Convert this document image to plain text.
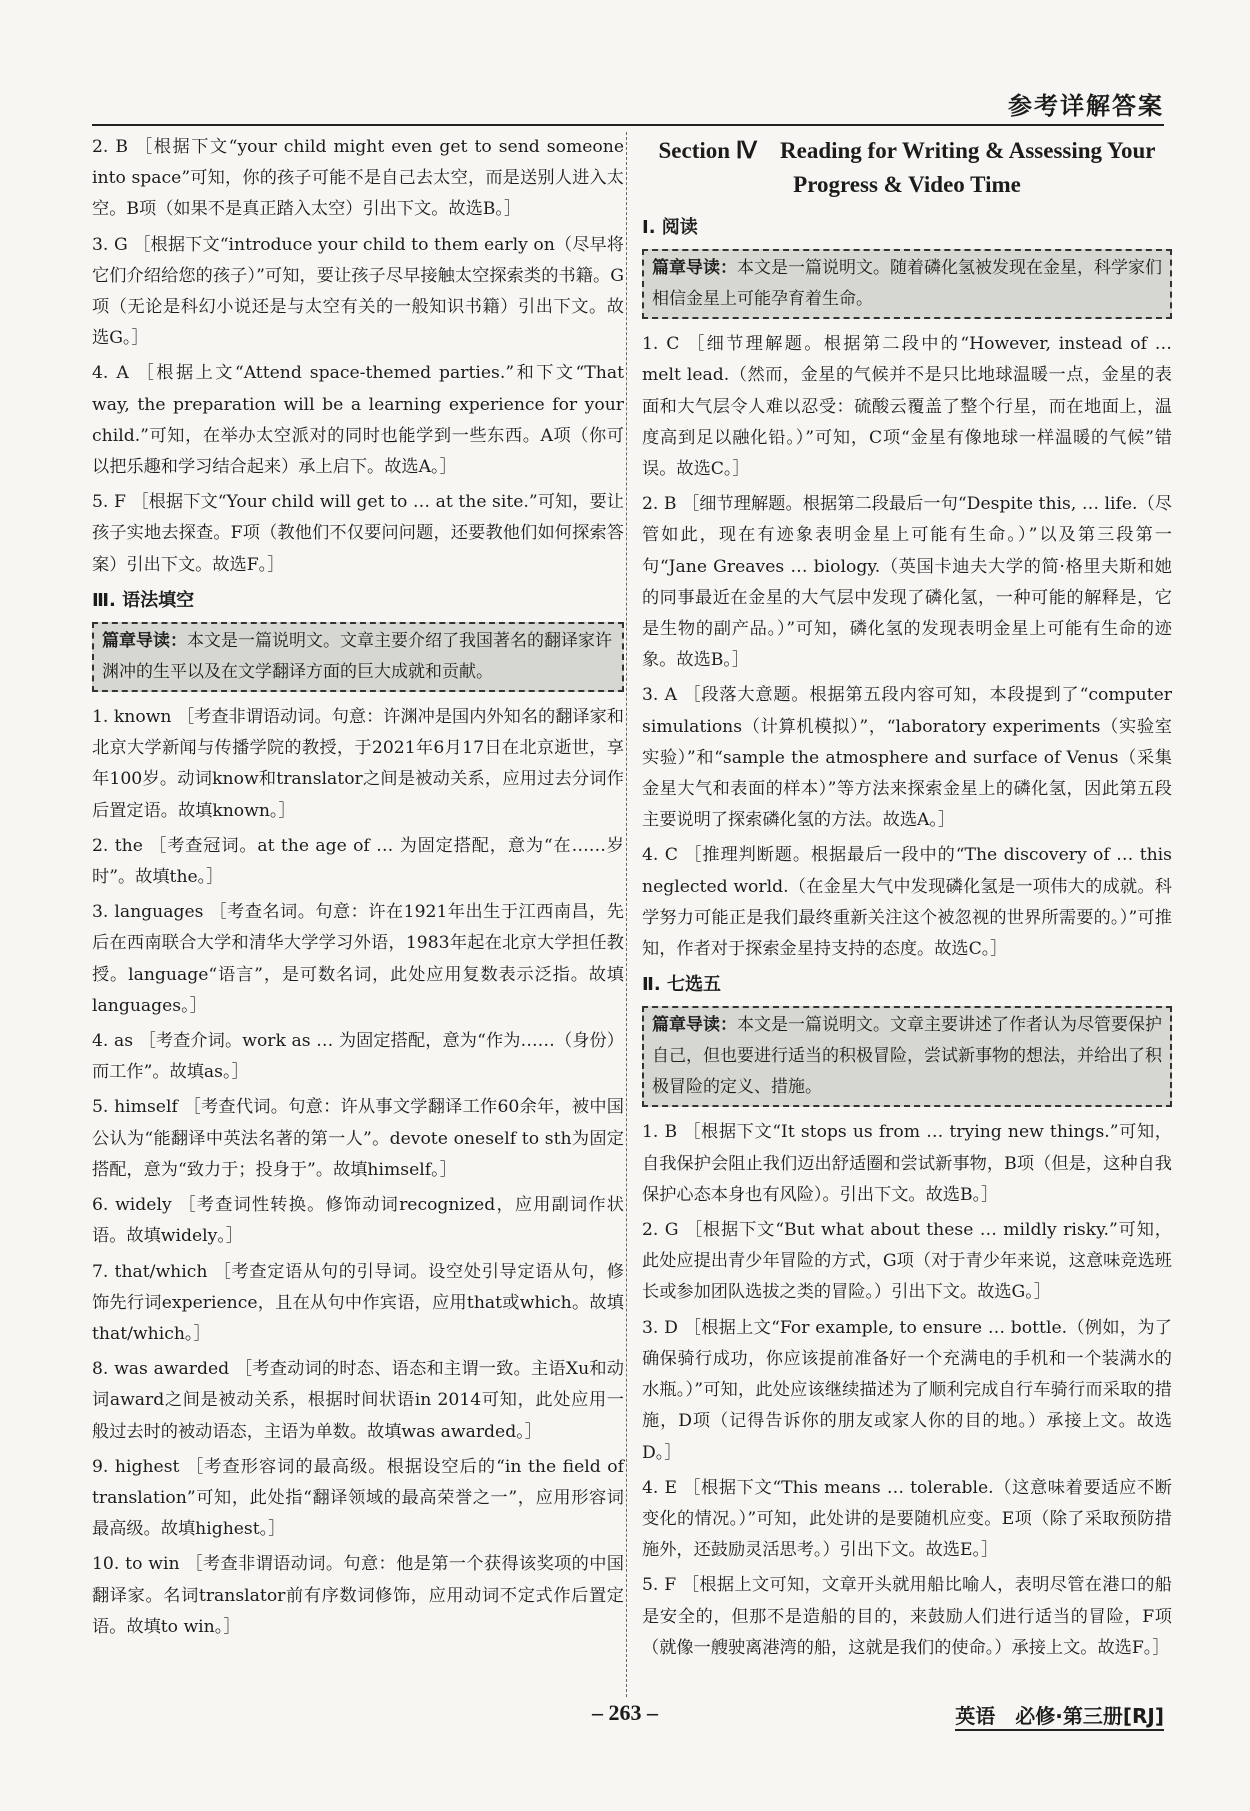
参考详解答案

2. B ［根据下文“your child might even get to send someone into space”可知，你的孩子可能不是自己去太空，而是送别人进入太空。B项（如果不是真正踏入太空）引出下文。故选B。］

3. G ［根据下文“introduce your child to them early on（尽早将它们介绍给您的孩子）”可知，要让孩子尽早接触太空探索类的书籍。G项（无论是科幻小说还是与太空有关的一般知识书籍）引出下文。故选G。］

4. A ［根据上文“Attend space-themed parties.”和下文“That way, the preparation will be a learning experience for your child.”可知，在举办太空派对的同时也能学到一些东西。A项（你可以把乐趣和学习结合起来）承上启下。故选A。］

5. F ［根据下文“Your child will get to … at the site.”可知，要让孩子实地去探查。F项（教他们不仅要问问题，还要教他们如何探索答案）引出下文。故选F。］

Ⅲ. 语法填空
篇章导读：本文是一篇说明文。文章主要介绍了我国著名的翻译家许渊冲的生平以及在文学翻译方面的巨大成就和贡献。

1. known ［考查非谓语动词。句意：许渊冲是国内外知名的翻译家和北京大学新闻与传播学院的教授，于2021年6月17日在北京逝世，享年100岁。动词know和translator之间是被动关系，应用过去分词作后置定语。故填known。］

2. the ［考查冠词。at the age of … 为固定搭配，意为“在……岁时”。故填the。］

3. languages ［考查名词。句意：许在1921年出生于江西南昌，先后在西南联合大学和清华大学学习外语，1983年起在北京大学担任教授。language“语言”，是可数名词，此处应用复数表示泛指。故填languages。］

4. as ［考查介词。work as … 为固定搭配，意为“作为……（身份）而工作”。故填as。］

5. himself ［考查代词。句意：许从事文学翻译工作60余年，被中国公认为“能翻译中英法名著的第一人”。devote oneself to sth为固定搭配，意为“致力于；投身于”。故填himself。］

6. widely ［考查词性转换。修饰动词recognized，应用副词作状语。故填widely。］

7. that/which ［考查定语从句的引导词。设空处引导定语从句，修饰先行词experience，且在从句中作宾语，应用that或which。故填that/which。］

8. was awarded ［考查动词的时态、语态和主谓一致。主语Xu和动词award之间是被动关系，根据时间状语in 2014可知，此处应用一般过去时的被动语态，主语为单数。故填was awarded。］

9. highest ［考查形容词的最高级。根据设空后的“in the field of translation”可知，此处指“翻译领域的最高荣誉之一”，应用形容词最高级。故填highest。］

10. to win ［考查非谓语动词。句意：他是第一个获得该奖项的中国翻译家。名词translator前有序数词修饰，应用动词不定式作后置定语。故填to win。］

Section Ⅳ　Reading for Writing & Assessing Your Progress & Video Time
Ⅰ. 阅读
篇章导读：本文是一篇说明文。随着磷化氢被发现在金星，科学家们相信金星上可能孕育着生命。

1. C ［细节理解题。根据第二段中的“However, instead of … melt lead.（然而，金星的气候并不是只比地球温暖一点，金星的表面和大气层令人难以忍受：硫酸云覆盖了整个行星，而在地面上，温度高到足以融化铅。）”可知，C项“金星有像地球一样温暖的气候”错误。故选C。］

2. B ［细节理解题。根据第二段最后一句“Despite this, … life.（尽管如此，现在有迹象表明金星上可能有生命。）”以及第三段第一句“Jane Greaves … biology.（英国卡迪夫大学的简·格里夫斯和她的同事最近在金星的大气层中发现了磷化氢，一种可能的解释是，它是生物的副产品。）”可知，磷化氢的发现表明金星上可能有生命的迹象。故选B。］

3. A ［段落大意题。根据第五段内容可知，本段提到了“computer simulations（计算机模拟）”，“laboratory experiments（实验室实验）”和“sample the atmosphere and surface of Venus（采集金星大气和表面的样本）”等方法来探索金星上的磷化氢，因此第五段主要说明了探索磷化氢的方法。故选A。］

4. C ［推理判断题。根据最后一段中的“The discovery of … this neglected world.（在金星大气中发现磷化氢是一项伟大的成就。科学努力可能正是我们最终重新关注这个被忽视的世界所需要的。）”可推知，作者对于探索金星持支持的态度。故选C。］

Ⅱ. 七选五
篇章导读：本文是一篇说明文。文章主要讲述了作者认为尽管要保护自己，但也要进行适当的积极冒险，尝试新事物的想法，并给出了积极冒险的定义、措施。

1. B ［根据下文“It stops us from … trying new things.”可知，自我保护会阻止我们迈出舒适圈和尝试新事物，B项（但是，这种自我保护心态本身也有风险）。引出下文。故选B。］

2. G ［根据下文“But what about these … mildly risky.”可知，此处应提出青少年冒险的方式，G项（对于青少年来说，这意味竞选班长或参加团队选拔之类的冒险。）引出下文。故选G。］

3. D ［根据上文“For example, to ensure … bottle.（例如，为了确保骑行成功，你应该提前准备好一个充满电的手机和一个装满水的水瓶。）”可知，此处应该继续描述为了顺利完成自行车骑行而采取的措施，D项（记得告诉你的朋友或家人你的目的地。）承接上文。故选D。］

4. E ［根据下文“This means … tolerable.（这意味着要适应不断变化的情况。）”可知，此处讲的是要随机应变。E项（除了采取预防措施外，还鼓励灵活思考。）引出下文。故选E。］

5. F ［根据上文可知，文章开头就用船比喻人，表明尽管在港口的船是安全的，但那不是造船的目的，来鼓励人们进行适当的冒险，F项（就像一艘驶离港湾的船，这就是我们的使命。）承接上文。故选F。］

– 263 –	英语　必修·第三册[RJ]
